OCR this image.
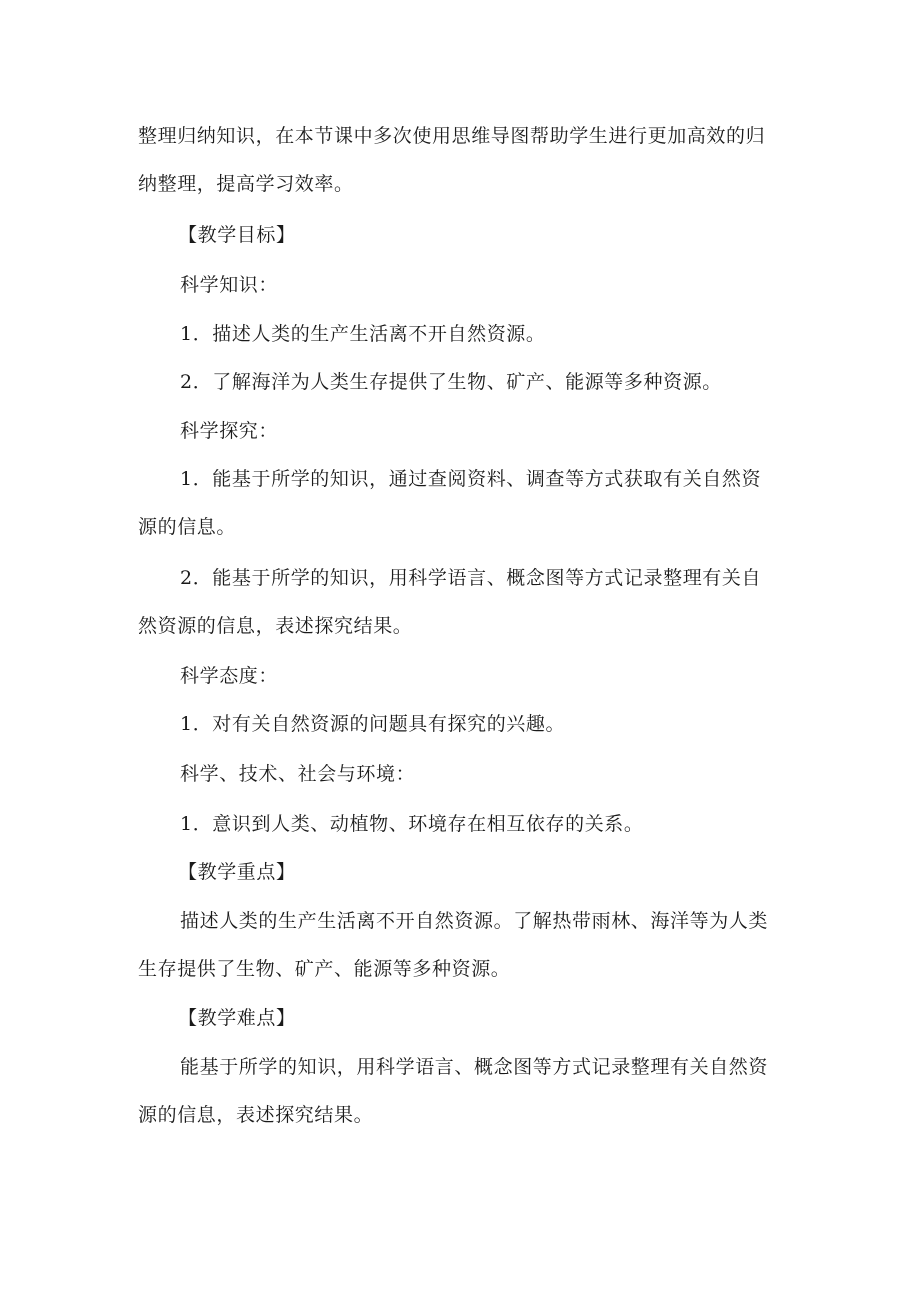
整理归纳知识，在本节课中多次使用思维导图帮助学生进行更加高效的归
纳整理，提高学习效率。
【教学目标】
科学知识：
1．描述人类的生产生活离不开自然资源。
2．了解海洋为人类生存提供了生物、矿产、能源等多种资源。
科学探究：
1．能基于所学的知识，通过查阅资料、调查等方式获取有关自然资
源的信息。
2．能基于所学的知识，用科学语言、概念图等方式记录整理有关自
然资源的信息，表述探究结果。
科学态度：
1．对有关自然资源的问题具有探究的兴趣。
科学、技术、社会与环境：
1．意识到人类、动植物、环境存在相互依存的关系。
【教学重点】
描述人类的生产生活离不开自然资源。了解热带雨林、海洋等为人类
生存提供了生物、矿产、能源等多种资源。
【教学难点】
能基于所学的知识，用科学语言、概念图等方式记录整理有关自然资
源的信息，表述探究结果。
